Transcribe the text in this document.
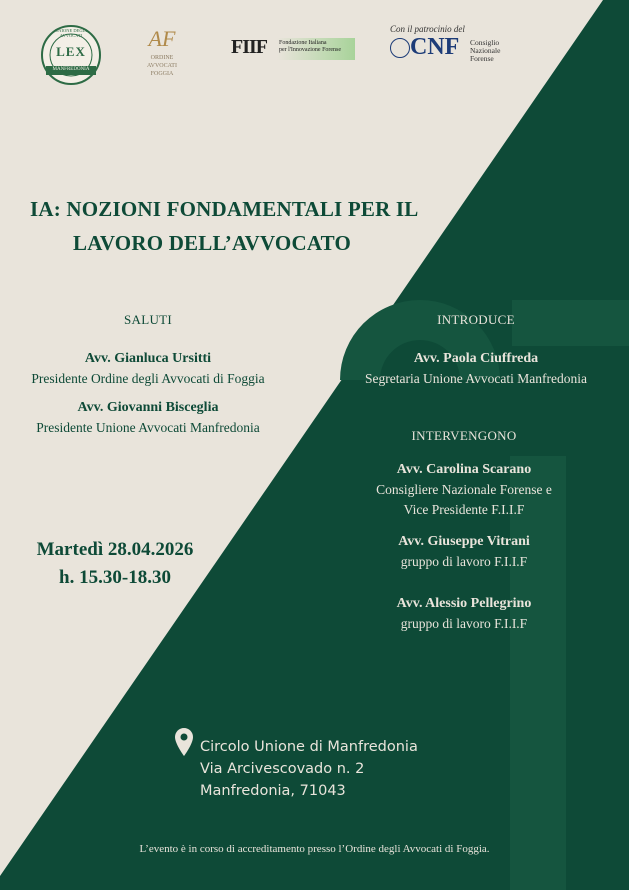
LEX
MANFREDONIA
UNIONE DEGLI AVVOCATI	AF
ORDINE
AVVOCATI
FOGGIA
FIIF Fondazione Italiana
per l'Innovazione Forense
Con il patrocinio del
CNF Consiglio
Nazionale
Forense
IA: NOZIONI FONDAMENTALI PER IL
LAVORO DELL’AVVOCATO
SALUTI
Avv. Gianluca Ursitti
Presidente Ordine degli Avvocati di Foggia
Avv. Giovanni Bisceglia
Presidente Unione Avvocati Manfredonia
INTRODUCE
Avv. Paola Ciuffreda
Segretaria Unione Avvocati Manfredonia
INTERVENGONO
Avv. Carolina Scarano
Consigliere Nazionale Forense e
Vice Presidente F.I.I.F
Avv. Giuseppe Vitrani
gruppo di lavoro F.I.I.F
Avv. Alessio Pellegrino
gruppo di lavoro F.I.I.F
Martedì 28.04.2026
h. 15.30-18.30
Circolo Unione di Manfredonia
Via Arcivescovado n. 2
Manfredonia, 71043
L’evento è in corso di accreditamento presso l’Ordine degli Avvocati di Foggia.
